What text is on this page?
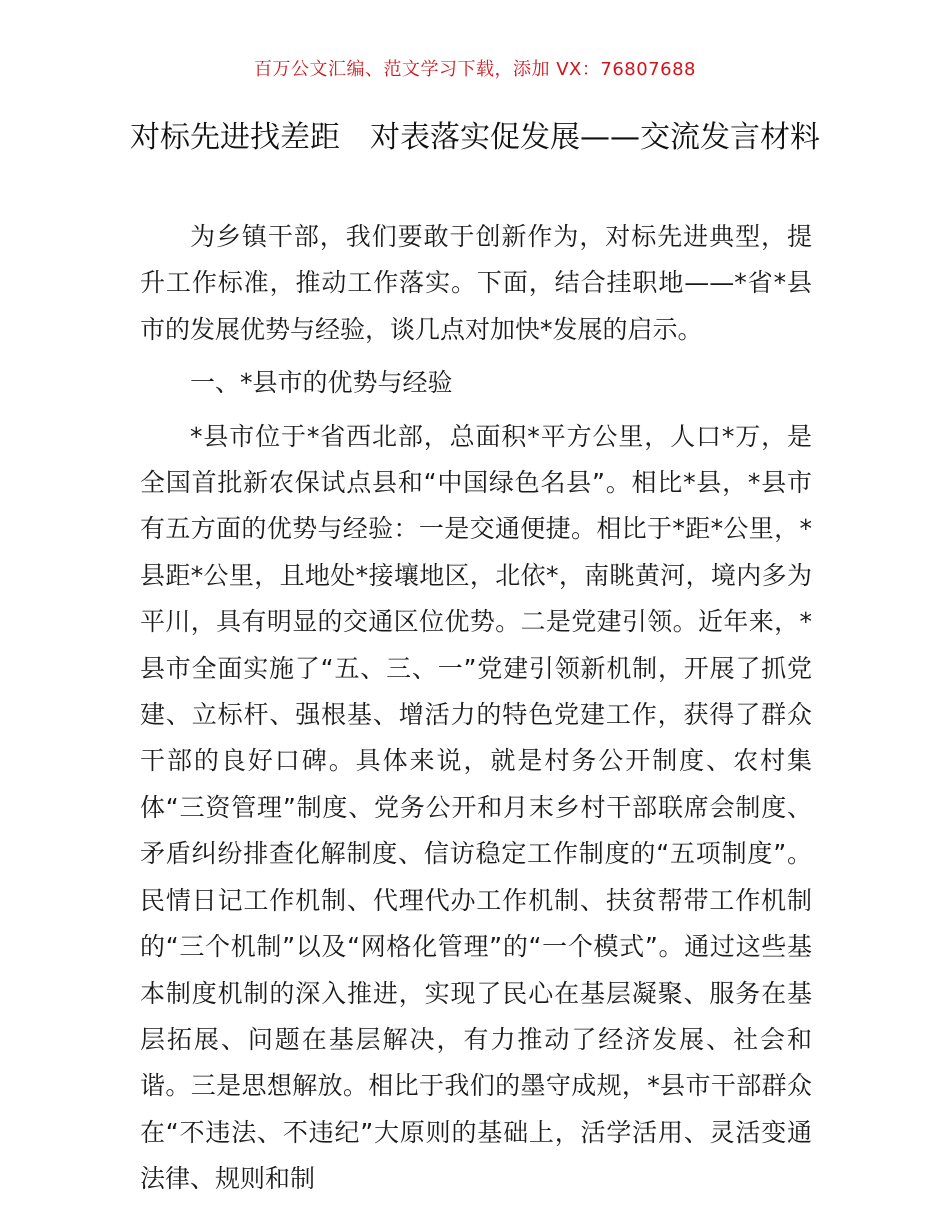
百万公文汇编、范文学习下载，添加 VX：76807688
对标先进找差距　对表落实促发展——交流发言材料

为乡镇干部，我们要敢于创新作为，对标先进典型，提升工作标准，推动工作落实。下面，结合挂职地——*省*县市的发展优势与经验，谈几点对加快*发展的启示。

一、*县市的优势与经验

*县市位于*省西北部，总面积*平方公里，人口*万，是全国首批新农保试点县和“中国绿色名县”。相比*县，*县市有五方面的优势与经验：一是交通便捷。相比于*距*公里，*县距*公里，且地处*接壤地区，北依*，南眺黄河，境内多为平川，具有明显的交通区位优势。二是党建引领。近年来，*县市全面实施了“五、三、一”党建引领新机制，开展了抓党建、立标杆、强根基、增活力的特色党建工作，获得了群众干部的良好口碑。具体来说，就是村务公开制度、农村集体“三资管理”制度、党务公开和月末乡村干部联席会制度、矛盾纠纷排查化解制度、信访稳定工作制度的“五项制度”。民情日记工作机制、代理代办工作机制、扶贫帮带工作机制的“三个机制”以及“网格化管理”的“一个模式”。通过这些基本制度机制的深入推进，实现了民心在基层凝聚、服务在基层拓展、问题在基层解决，有力推动了经济发展、社会和谐。三是思想解放。相比于我们的墨守成规，*县市干部群众在“不违法、不违纪”大原则的基础上，活学活用、灵活变通法律、规则和制
